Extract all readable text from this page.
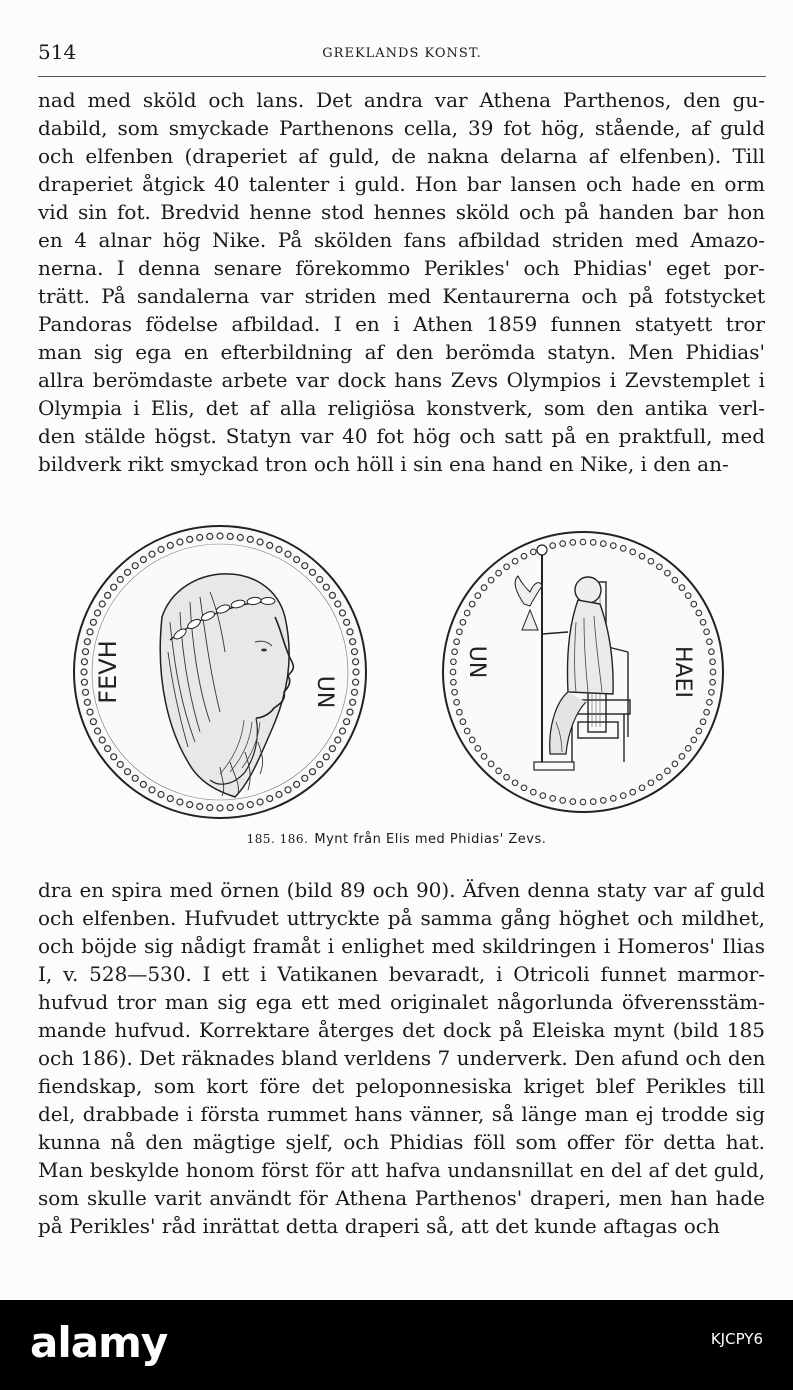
514	GREKLANDS KONST.
nad med sköld och lans. Det andra var Athena Parthenos, den gu-
dabild, som smyckade Parthenons cella, 39 fot hög, stående, af guld
och elfenben (draperiet af guld, de nakna delarna af elfenben). Till
draperiet åtgick 40 talenter i guld. Hon bar lansen och hade en orm
vid sin fot. Bredvid henne stod hennes sköld och på handen bar hon
en 4 alnar hög Nike. På skölden fans afbildad striden med Amazo-
nerna. I denna senare förekommo Perikles' och Phidias' eget por-
trätt. På sandalerna var striden med Kentaurerna och på fotstycket
Pandoras födelse afbildad. I en i Athen 1859 funnen statyett tror
man sig ega en efterbildning af den berömda statyn. Men Phidias'
allra berömdaste arbete var dock hans Zevs Olympios i Zevstemplet i
Olympia i Elis, det af alla religiösa konstverk, som den antika verl-
den stälde högst. Statyn var 40 fot hög och satt på en praktfull, med
bildverk rikt smyckad tron och höll i sin ena hand en Nike, i den an-
FEVH	UN
UN	HAEI
185. 186. Mynt från Elis med Phidias' Zevs.
dra en spira med örnen (bild 89 och 90). Äfven denna staty var af guld
och elfenben. Hufvudet uttryckte på samma gång höghet och mildhet,
och böjde sig nådigt framåt i enlighet med skildringen i Homeros' Ilias
I, v. 528—530. I ett i Vatikanen bevaradt, i Otricoli funnet marmor-
hufvud tror man sig ega ett med originalet någorlunda öfverensstäm-
mande hufvud. Korrektare återges det dock på Eleiska mynt (bild 185
och 186). Det räknades bland verldens 7 underverk. Den afund och den
fiendskap, som kort före det peloponnesiska kriget blef Perikles till
del, drabbade i första rummet hans vänner, så länge man ej trodde sig
kunna nå den mägtige sjelf, och Phidias föll som offer för detta hat.
Man beskylde honom först för att hafva undansnillat en del af det guld,
som skulle varit användt för Athena Parthenos' draperi, men han hade
på Perikles' råd inrättat detta draperi så, att det kunde aftagas och
alamy	KJCPY6
